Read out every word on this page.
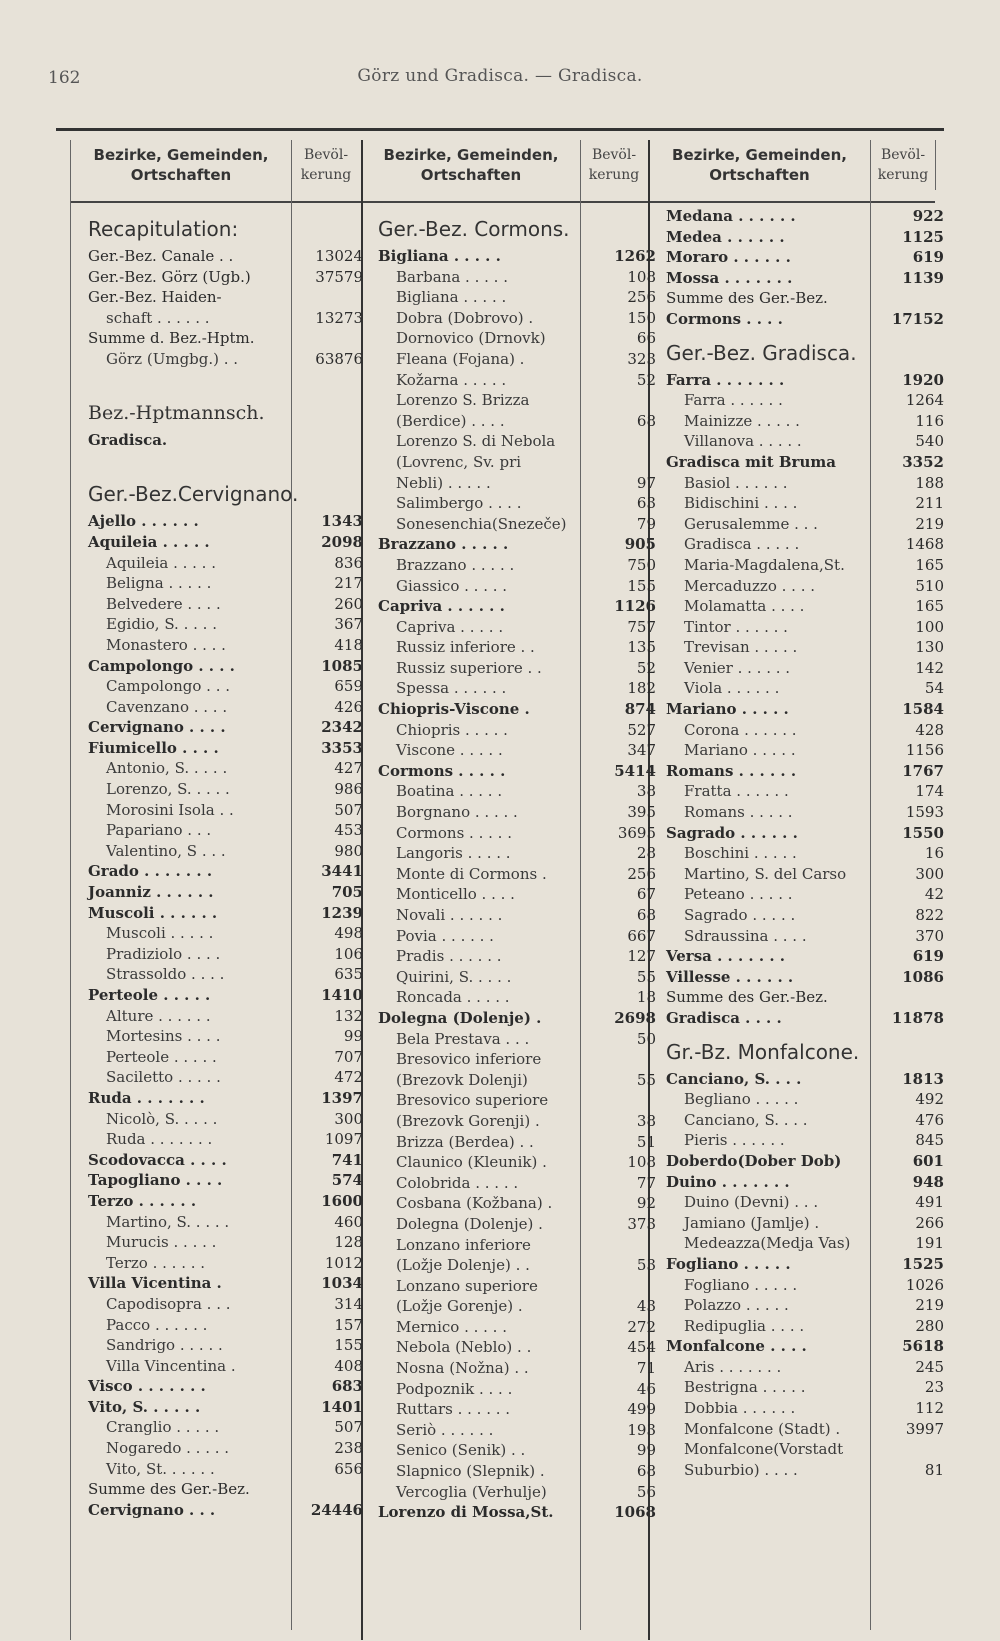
162	Görz und Gradisca. — Gradisca.
Bezirke, Gemeinden, Ortschaften
Bevöl- kerung
Bezirke, Gemeinden, Ortschaften
Bevöl- kerung
Bezirke, Gemeinden, Ortschaften
Bevöl- kerung
Recapitulation:
Ger.-Bez. Canale . .	13024
Ger.-Bez. Görz (Ugb.)	37579
Ger.-Bez. Haiden-
schaft . . . . . .	13273
Summe d. Bez.-Hptm.
Görz (Umgbg.) . .	63876
Bez.-Hptmannsch.
Gradisca.
Ger.-Bez.Cervignano.
Ajello . . . . . .	1343
Aquileia . . . . .	2098
Aquileia . . . . .	836
Beligna . . . . .	217
Belvedere . . . .	260
Egidio, S. . . . .	367
Monastero . . . .	418
Campolongo . . . .	1085
Campolongo . . .	659
Cavenzano . . . .	426
Cervignano . . . .	2342
Fiumicello . . . .	3353
Antonio, S. . . . .	427
Lorenzo, S. . . . .	986
Morosini Isola . .	507
Papariano . . .	453
Valentino, S . . .	980
Grado . . . . . . .	3441
Joanniz . . . . . .	705
Muscoli . . . . . .	1239
Muscoli . . . . .	498
Pradiziolo . . . .	106
Strassoldo . . . .	635
Perteole . . . . .	1410
Alture . . . . . .	132
Mortesins . . . .	99
Perteole . . . . .	707
Saciletto . . . . .	472
Ruda . . . . . . .	1397
Nicolò, S. . . . .	300
Ruda . . . . . . .	1097
Scodovacca . . . .	741
Tapogliano . . . .	574
Terzo . . . . . .	1600
Martino, S. . . . .	460
Murucis . . . . .	128
Terzo . . . . . .	1012
Villa Vicentina .	1034
Capodisopra . . .	314
Pacco . . . . . .	157
Sandrigo . . . . .	155
Villa Vincentina .	408
Visco . . . . . . .	683
Vito, S. . . . . .	1401
Cranglio . . . . .	507
Nogaredo . . . . .	238
Vito, St. . . . . .	656
Summe des Ger.-Bez.
Cervignano . . .	24446
Ger.-Bez. Cormons.
Bigliana . . . . .	1262
Barbana . . . . .	108
Bigliana . . . . .	256
Dobra (Dobrovo) .	150
Dornovico (Drnovk)	66
Fleana (Fojana) .	323
Kožarna . . . . .	52
Lorenzo S. Brizza
(Berdice) . . . .	68
Lorenzo S. di Nebola
(Lovrenc, Sv. pri
Nebli) . . . . .	97
Salimbergo . . . .	63
Sonesenchia(Snezeče)	79
Brazzano . . . . .	905
Brazzano . . . . .	750
Giassico . . . . .	155
Capriva . . . . . .	1126
Capriva . . . . .	757
Russiz inferiore . .	135
Russiz superiore . .	52
Spessa . . . . . .	182
Chiopris-Viscone .	874
Chiopris . . . . .	527
Viscone . . . . .	347
Cormons . . . . .	5414
Boatina . . . . .	38
Borgnano . . . . .	395
Cormons . . . . .	3695
Langoris . . . . .	28
Monte di Cormons .	256
Monticello . . . .	67
Novali . . . . . .	68
Povia . . . . . .	667
Pradis . . . . . .	127
Quirini, S. . . . .	55
Roncada . . . . .	18
Dolegna (Dolenje) .	2698
Bela Prestava . . .	50
Bresovico inferiore
(Brezovk Dolenji)	55
Bresovico superiore
(Brezovk Gorenji) .	38
Brizza (Berdea) . .	51
Claunico (Kleunik) .	108
Colobrida . . . . .	77
Cosbana (Kožbana) .	92
Dolegna (Dolenje) .	373
Lonzano inferiore
(Ložje Dolenje) . .	53
Lonzano superiore
(Ložje Gorenje) .	43
Mernico . . . . .	272
Nebola (Neblo) . .	454
Nosna (Nožna) . .	71
Podpoznik . . . .	46
Ruttars . . . . . .	499
Seriò . . . . . .	193
Senico (Senik) . .	99
Slapnico (Slepnik) .	68
Vercoglia (Verhulje)	56
Lorenzo di Mossa,St.	1068
Medana . . . . . .	922
Medea . . . . . .	1125
Moraro . . . . . .	619
Mossa . . . . . . .	1139
Summe des Ger.-Bez.
Cormons . . . .	17152
Ger.-Bez. Gradisca.
Farra . . . . . . .	1920
Farra . . . . . .	1264
Mainizze . . . . .	116
Villanova . . . . .	540
Gradisca mit Bruma	3352
Basiol . . . . . .	188
Bidischini . . . .	211
Gerusalemme . . .	219
Gradisca . . . . .	1468
Maria-Magdalena,St.	165
Mercaduzzo . . . .	510
Molamatta . . . .	165
Tintor . . . . . .	100
Trevisan . . . . .	130
Venier . . . . . .	142
Viola . . . . . .	54
Mariano . . . . .	1584
Corona . . . . . .	428
Mariano . . . . .	1156
Romans . . . . . .	1767
Fratta . . . . . .	174
Romans . . . . .	1593
Sagrado . . . . . .	1550
Boschini . . . . .	16
Martino, S. del Carso	300
Peteano . . . . .	42
Sagrado . . . . .	822
Sdraussina . . . .	370
Versa . . . . . . .	619
Villesse . . . . . .	1086
Summe des Ger.-Bez.
Gradisca . . . .	11878
Gr.-Bz. Monfalcone.
Canciano, S. . . .	1813
Begliano . . . . .	492
Canciano, S. . . .	476
Pieris . . . . . .	845
Doberdo(Dober Dob)	601
Duino . . . . . . .	948
Duino (Devni) . . .	491
Jamiano (Jamlje) .	266
Medeazza(Medja Vas)	191
Fogliano . . . . .	1525
Fogliano . . . . .	1026
Polazzo . . . . .	219
Redipuglia . . . .	280
Monfalcone . . . .	5618
Aris . . . . . . .	245
Bestrigna . . . . .	23
Dobbia . . . . . .	112
Monfalcone (Stadt) .	3997
Monfalcone(Vorstadt
Suburbio) . . . .	81
